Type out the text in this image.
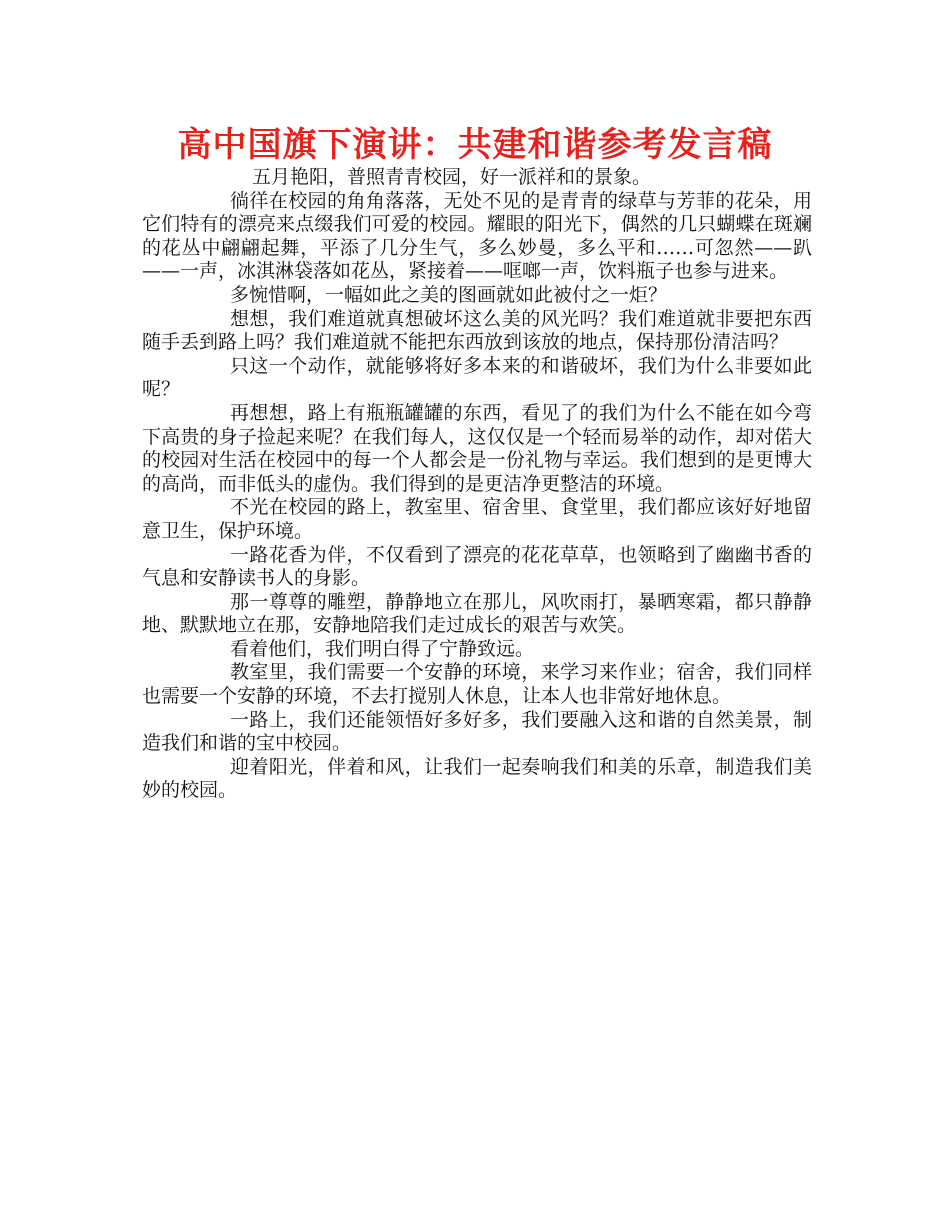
高中国旗下演讲：共建和谐参考发言稿

五月艳阳，普照青青校园，好一派祥和的景象。

徜徉在校园的角角落落，无处不见的是青青的绿草与芳菲的花朵，用它们特有的漂亮来点缀我们可爱的校园。耀眼的阳光下，偶然的几只蝴蝶在斑斓的花丛中翩翩起舞，平添了几分生气，多么妙曼，多么平和……可忽然——趴——一声，冰淇淋袋落如花丛，紧接着——哐啷一声，饮料瓶子也参与进来。

多惋惜啊，一幅如此之美的图画就如此被付之一炬？

想想，我们难道就真想破坏这么美的风光吗？我们难道就非要把东西随手丢到路上吗？我们难道就不能把东西放到该放的地点，保持那份清洁吗？

只这一个动作，就能够将好多本来的和谐破坏，我们为什么非要如此呢？

再想想，路上有瓶瓶罐罐的东西，看见了的我们为什么不能在如今弯下高贵的身子捡起来呢？在我们每人，这仅仅是一个轻而易举的动作，却对偌大的校园对生活在校园中的每一个人都会是一份礼物与幸运。我们想到的是更博大的高尚，而非低头的虚伪。我们得到的是更洁净更整洁的环境。

不光在校园的路上，教室里、宿舍里、食堂里，我们都应该好好地留意卫生，保护环境。

一路花香为伴，不仅看到了漂亮的花花草草，也领略到了幽幽书香的气息和安静读书人的身影。

那一尊尊的雕塑，静静地立在那儿，风吹雨打，暴晒寒霜，都只静静地、默默地立在那，安静地陪我们走过成长的艰苦与欢笑。

看着他们，我们明白得了宁静致远。

教室里，我们需要一个安静的环境，来学习来作业；宿舍，我们同样也需要一个安静的环境，不去打搅别人休息，让本人也非常好地休息。

一路上，我们还能领悟好多好多，我们要融入这和谐的自然美景，制造我们和谐的宝中校园。

迎着阳光，伴着和风，让我们一起奏响我们和美的乐章，制造我们美妙的校园。
